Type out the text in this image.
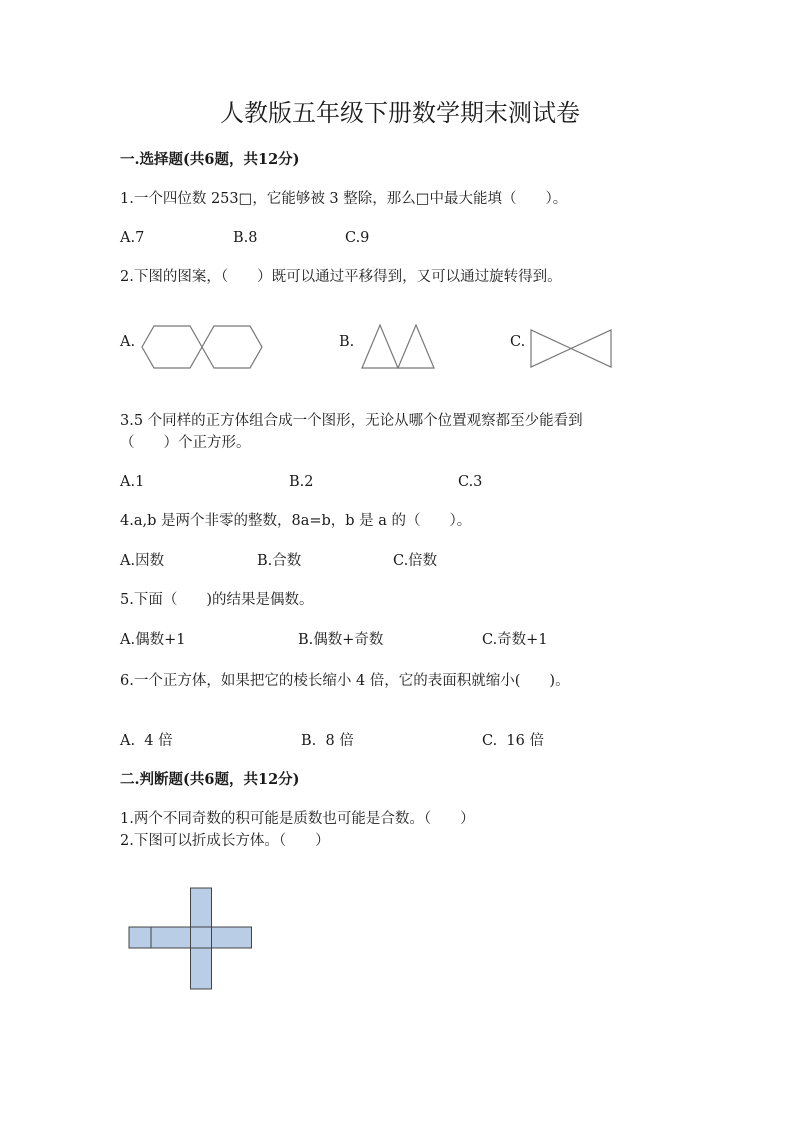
人教版五年级下册数学期末测试卷
一.选择题(共6题，共12分)
1.一个四位数 253□，它能够被 3 整除，那么□中最大能填（　　）。
A.7	B.8	C.9
2.下图的图案，（　　）既可以通过平移得到，又可以通过旋转得到。
A.	B.	C.
3.5 个同样的正方体组合成一个图形，无论从哪个位置观察都至少能看到
（　　）个正方形。
A.1	B.2	C.3
4.a,b 是两个非零的整数，8a=b，b 是 a 的（　　）。
A.因数	B.合数	C.倍数
5.下面（　　)的结果是偶数。
A.偶数+1	B.偶数+奇数	C.奇数+1
6.一个正方体，如果把它的棱长缩小 4 倍，它的表面积就缩小(　　)。
A.  4 倍	B.  8 倍	C.  16 倍
二.判断题(共6题，共12分)
1.两个不同奇数的积可能是质数也可能是合数。（　　）
2.下图可以折成长方体。（　　）
